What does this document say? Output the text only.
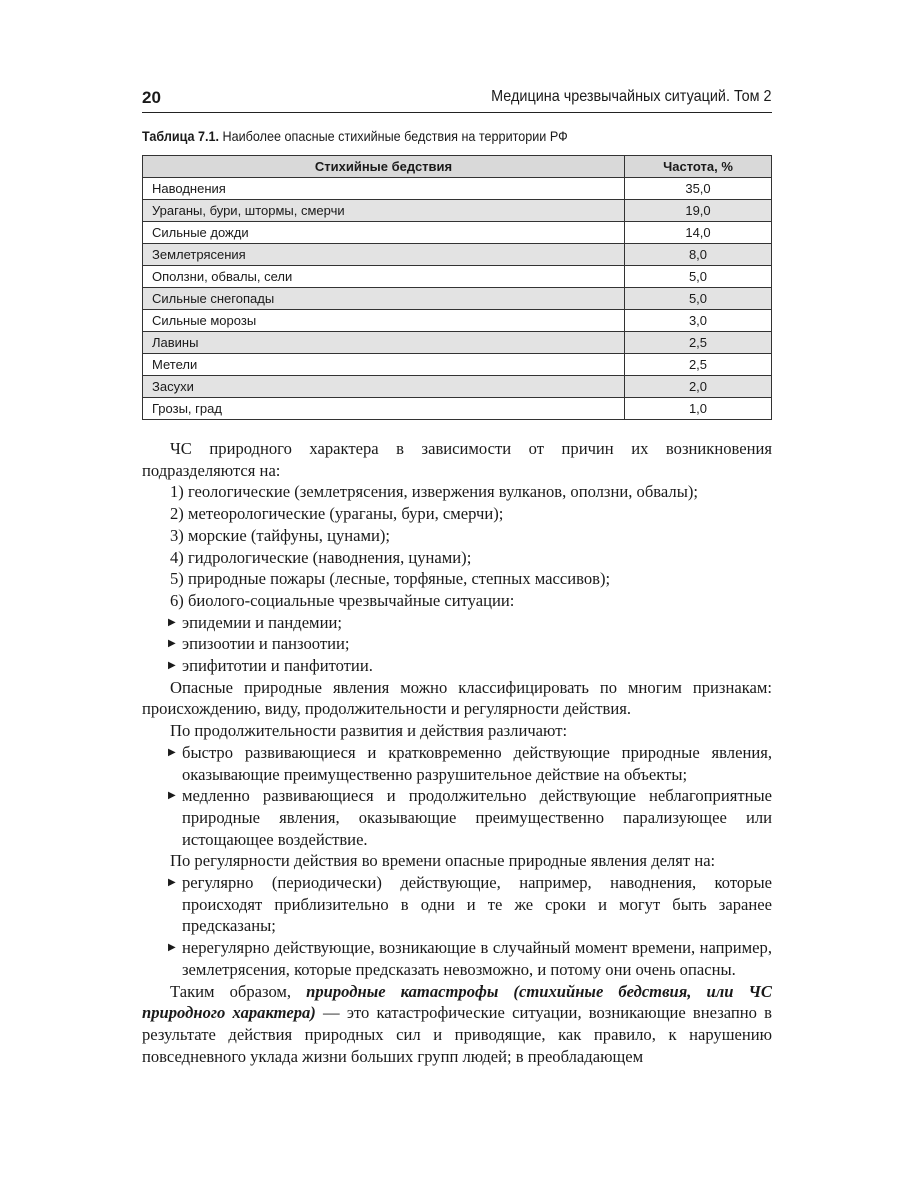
20	Медицина чрезвычайных ситуаций. Том 2
Таблица 7.1. Наиболее опасные стихийные бедствия на территории РФ
Стихийные бедствия	Частота, %
Наводнения	35,0
Ураганы, бури, штормы, смерчи	19,0
Сильные дожди	14,0
Землетрясения	8,0
Оползни, обвалы, сели	5,0
Сильные снегопады	5,0
Сильные морозы	3,0
Лавины	2,5
Метели	2,5
Засухи	2,0
Грозы, град	1,0

ЧС природного характера в зависимости от причин их возникновения подразделяются на:

1) геологические (землетрясения, извержения вулканов, оползни, обвалы);

2) метеорологические (ураганы, бури, смерчи);

3) морские (тайфуны, цунами);

4) гидрологические (наводнения, цунами);

5) природные пожары (лесные, торфяные, степных массивов);

6) биолого-социальные чрезвычайные ситуации:

▶ эпидемии и пандемии;

▶ эпизоотии и панзоотии;

▶ эпифитотии и панфитотии.

Опасные природные явления можно классифицировать по многим признакам: происхождению, виду, продолжительности и регулярности действия.

По продолжительности развития и действия различают:

▶ быстро развивающиеся и кратковременно действующие природные явления, оказывающие преимущественно разрушительное действие на объекты;

▶ медленно развивающиеся и продолжительно действующие неблагоприятные природные явления, оказывающие преимущественно парализующее или истощающее воздействие.

По регулярности действия во времени опасные природные явления делят на:

▶ регулярно (периодически) действующие, например, наводнения, которые происходят приблизительно в одни и те же сроки и могут быть заранее предсказаны;

▶ нерегулярно действующие, возникающие в случайный момент времени, например, землетрясения, которые предсказать невозможно, и потому они очень опасны.

Таким образом, природные катастрофы (стихийные бедствия, или ЧС природного характера) — это катастрофические ситуации, возникающие внезапно в результате действия природных сил и приводящие, как правило, к нарушению повседневного уклада жизни больших групп людей; в преобладающем
